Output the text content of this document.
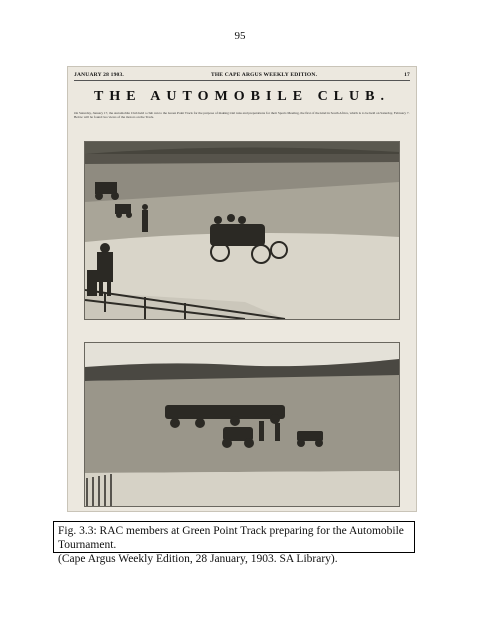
95
JANUARY 28 1903.	THE CAPE ARGUS WEEKLY EDITION.	17
THE AUTOMOBILE CLUB.
On Saturday, January 17, the Automobile Club held a club run to the Green Point Track for the purpose of making trial runs and preparations for their Sports Meeting, the first of the kind in South Africa, which is to be held on Saturday, February 7. Below will be found two views of the motors on the Track.
Fig. 3.3: RAC members at Green Point Track preparing for the Automobile Tournament.
(Cape Argus Weekly Edition, 28 January, 1903. SA Library).
